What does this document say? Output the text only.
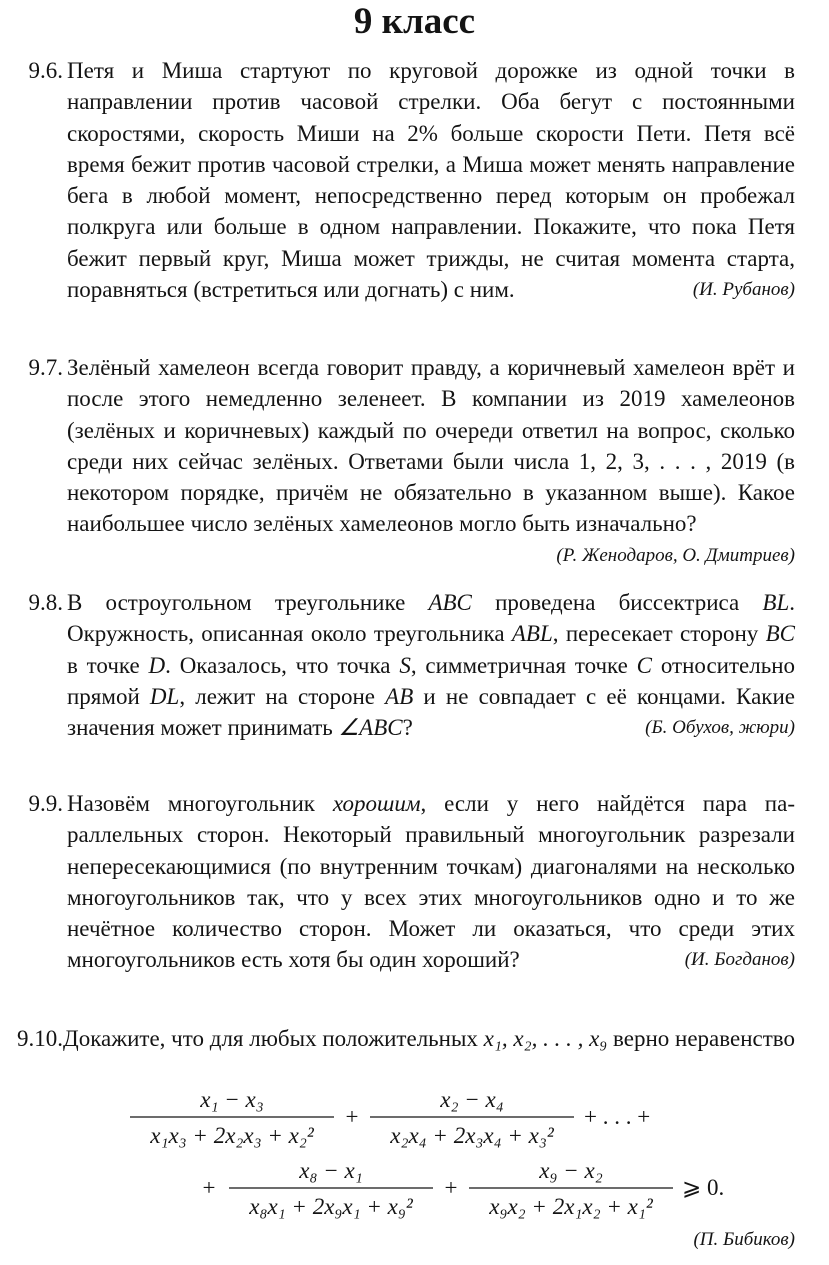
9 класс
9.6. Петя и Миша стартуют по круговой дорожке из одной точки в направлении против часовой стрелки. Оба бегут с постоянными скоростями, скорость Миши на 2% больше скорости Пети. Петя всё время бежит против часовой стрелки, а Миша может менять направление бега в любой момент, непосредственно перед которым он пробежал полкруга или больше в одном направлении. Покажите, что пока Петя бежит первый круг, Миша может трижды, не считая момента старта, поравняться (встретиться или догнать) с ним.	(И. Рубанов)
9.7. Зелёный хамелеон всегда говорит правду, а коричневый хамелеон врёт и после этого немедленно зеленеет. В компании из 2019 хамелеонов (зелёных и коричневых) каждый по очереди ответил на вопрос, сколько среди них сейчас зелёных. Ответами были числа 1, 2, 3, . . . , 2019 (в некотором порядке, причём не обязательно в указанном выше). Какое наибольшее число зелёных хамелеонов могло быть изначально?
(Р. Женодаров, О. Дмитриев)
9.8. В остроугольном треугольнике ABC проведена биссектриса BL. Окружность, описанная около треугольника ABL, пересекает сторону BC в точке D. Оказалось, что точка S, симметричная точке C относительно прямой DL, лежит на стороне AB и не совпадает с её концами. Какие значения может принимать ∠ABC?	(Б. Обухов, жюри)
9.9. Назовём многоугольник хорошим, если у него найдётся пара параллельных сторон. Некоторый правильный многоугольник разрезали непересекающимися (по внутренним точкам) диагоналями на несколько многоугольников так, что у всех этих многоугольников одно и то же нечётное количество сторон. Может ли оказаться, что среди этих многоугольников есть хотя бы один хороший?	(И. Богданов)
9.10. Докажите, что для любых положительных x₁, x₂, . . . , x₉ верно неравенство
x₁ − x₃
x₁x₃ + 2x₂x₃ + x₂²
+
x₂ − x₄
x₂x₄ + 2x₃x₄ + x₃²
+ . . . +
+
x₈ − x₁
x₈x₁ + 2x₉x₁ + x₉²
+
x₉ − x₂
x₉x₂ + 2x₁x₂ + x₁²
⩾ 0.
(П. Бибиков)
